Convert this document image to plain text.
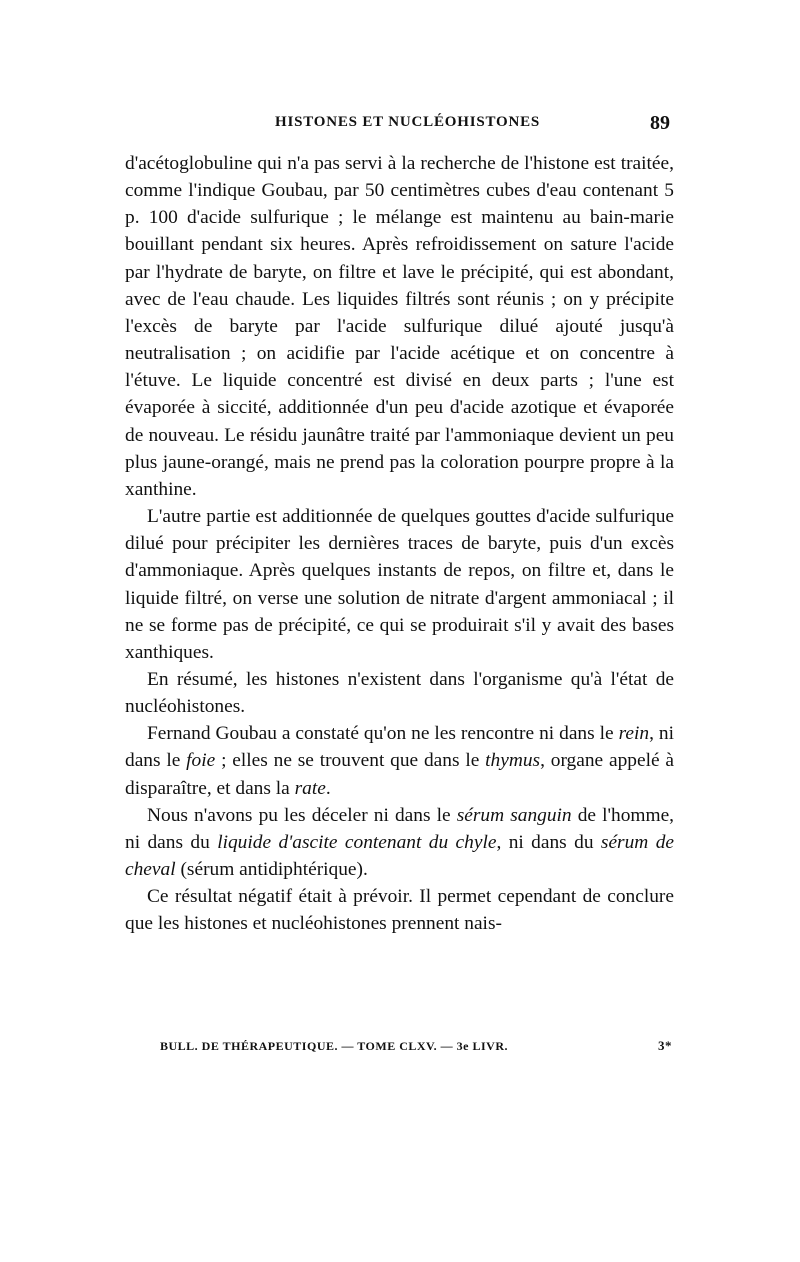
HISTONES ET NUCLÉOHISTONES	89

d'acétoglobuline qui n'a pas servi à la recherche de l'histone est traitée, comme l'indique Goubau, par 50 centimètres cubes d'eau contenant 5 p. 100 d'acide sulfurique ; le mélange est maintenu au bain-marie bouillant pendant six heures. Après refroidissement on sature l'acide par l'hydrate de baryte, on filtre et lave le précipité, qui est abondant, avec de l'eau chaude. Les liquides filtrés sont réunis ; on y précipite l'excès de baryte par l'acide sulfurique dilué ajouté jusqu'à neutralisation ; on acidifie par l'acide acétique et on concentre à l'étuve. Le liquide concentré est divisé en deux parts ; l'une est évaporée à siccité, additionnée d'un peu d'acide azotique et évaporée de nouveau. Le résidu jaunâtre traité par l'ammoniaque devient un peu plus jaune-orangé, mais ne prend pas la coloration pourpre propre à la xanthine.

L'autre partie est additionnée de quelques gouttes d'acide sulfurique dilué pour précipiter les dernières traces de baryte, puis d'un excès d'ammoniaque. Après quelques instants de repos, on filtre et, dans le liquide filtré, on verse une solution de nitrate d'argent ammoniacal ; il ne se forme pas de précipité, ce qui se produirait s'il y avait des bases xanthiques.

En résumé, les histones n'existent dans l'organisme qu'à l'état de nucléohistones.

Fernand Goubau a constaté qu'on ne les rencontre ni dans le rein, ni dans le foie ; elles ne se trouvent que dans le thymus, organe appelé à disparaître, et dans la rate.

Nous n'avons pu les déceler ni dans le sérum sanguin de l'homme, ni dans du liquide d'ascite contenant du chyle, ni dans du sérum de cheval (sérum antidiphtérique).

Ce résultat négatif était à prévoir. Il permet cependant de conclure que les histones et nucléohistones prennent nais-

BULL. DE THÉRAPEUTIQUE. — TOME CLXV. — 3e LIVR.	3*
